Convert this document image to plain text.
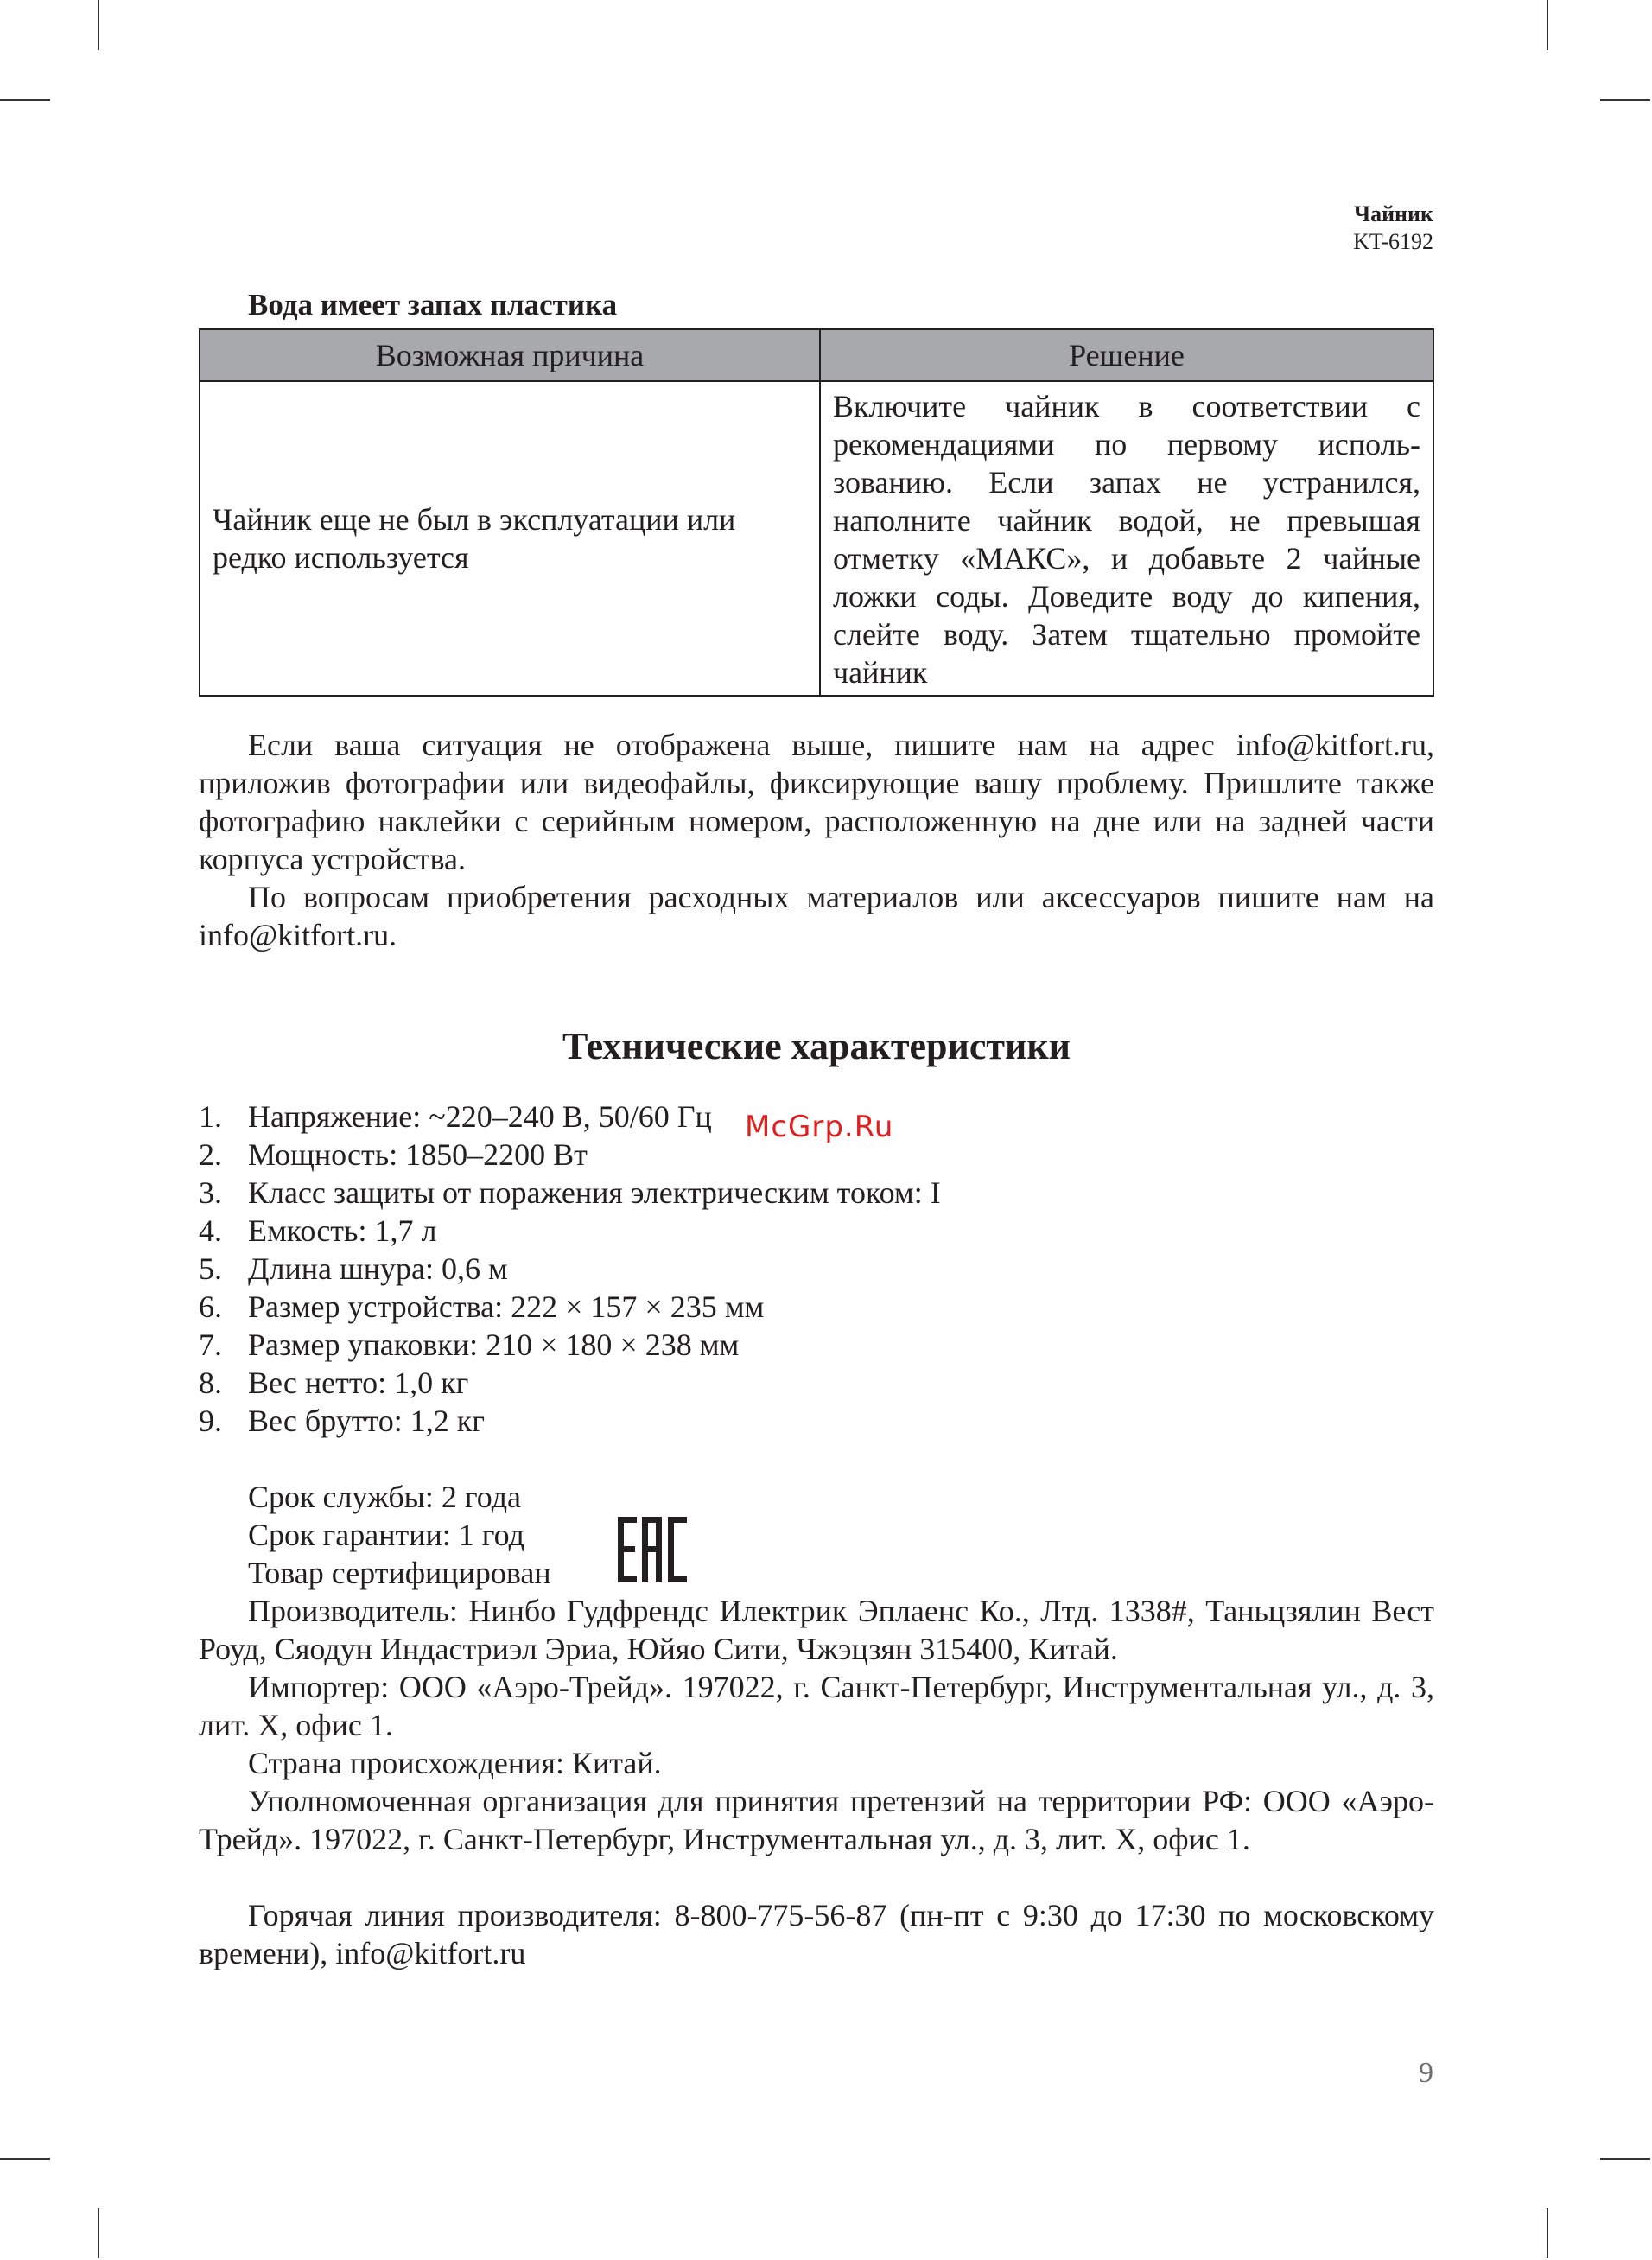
Чайник
KT-6192
Вода имеет запах пластика
Возможная причина	Решение
Чайник еще не был в эксплуатации или редко используется	Включите чайник в соответствии с рекомендациями по первому использованию. Если запах не устранился, наполните чайник водой, не превышая отметку «МАКС», и добавьте 2 чайные ложки соды. Доведите воду до кипения, слейте воду. Затем тщательно промойте чайник

Если ваша ситуация не отображена выше, пишите нам на адрес info@kitfort.ru, приложив фотографии или видеофайлы, фиксирующие вашу проблему. Пришлите также фотографию наклейки с серийным номером, расположенную на дне или на задней части корпуса устройства.

По вопросам приобретения расходных материалов или аксессуаров пишите нам на info@kitfort.ru.

Технические характеристики
1. Напряжение: ~220–240 В, 50/60 Гц
2. Мощность: 1850–2200 Вт
3. Класс защиты от поражения электрическим током: I
4. Емкость: 1,7 л
5. Длина шнура: 0,6 м
6. Размер устройства: 222 × 157 × 235 мм
7. Размер упаковки: 210 × 180 × 238 мм
8. Вес нетто: 1,0 кг
9. Вес брутто: 1,2 кг
McGrp.Ru
Срок службы: 2 года
Срок гарантии: 1 год
Товар сертифицирован

Производитель: Нинбо Гудфрендс Илектрик Эплаенс Ко., Лтд. 1338#, Таньцзялин Вест Роуд, Сяодун Индастриэл Эриа, Юйяо Сити, Чжэцзян 315400, Китай.

Импортер: ООО «Аэро-Трейд». 197022, г. Санкт-Петербург, Инструментальная ул., д. 3, лит. Х, офис 1.

Страна происхождения: Китай.

Уполномоченная организация для принятия претензий на территории РФ: ООО «Аэро-Трейд». 197022, г. Санкт-Петербург, Инструментальная ул., д. 3, лит. Х, офис 1.

Горячая линия производителя: 8-800-775-56-87 (пн-пт с 9:30 до 17:30 по московскому времени), info@kitfort.ru

9
